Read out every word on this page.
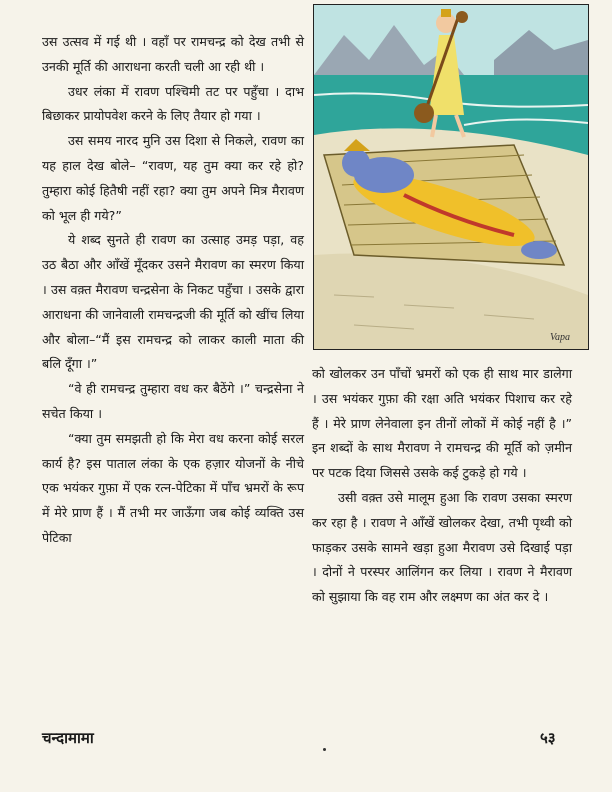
उस उत्सव में गई थी । वहाँ पर रामचन्द्र को देख तभी से उनकी मूर्ति की आराधना करती चली आ रही थी ।

उधर लंका में रावण पश्चिमी तट पर पहुँचा । दाभ बिछाकर प्रायोपवेश करने के लिए तैयार हो गया ।

उस समय नारद मुनि उस दिशा से निकले, रावण का यह हाल देख बोले– “रावण, यह तुम क्या कर रहे हो? तुम्हारा कोई हितैषी नहीं रहा? क्या तुम अपने मित्र मैरावण को भूल ही गये?”

ये शब्द सुनते ही रावण का उत्साह उमड़ पड़ा, वह उठ बैठा और आँखें मूँदकर उसने मैरावण का स्मरण किया । उस वक़्त मैरावण चन्द्रसेना के निकट पहुँचा । उसके द्वारा आराधना की जानेवाली रामचन्द्रजी की मूर्ति को खींच लिया और बोला–“मैं इस रामचन्द्र को लाकर काली माता की बलि दूँगा ।”

“वे ही रामचन्द्र तुम्हारा वध कर बैठेंगे ।” चन्द्रसेना ने सचेत किया ।

“क्या तुम समझती हो कि मेरा वध करना कोई सरल कार्य है? इस पाताल लंका के एक हज़ार योजनों के नीचे एक भयंकर गुफ़ा में एक रत्न-पेटिका में पाँच भ्रमरों के रूप में मेरे प्राण हैं । मैं तभी मर जाऊँगा जब कोई व्यक्ति उस पेटिका

Vapa

को खोलकर उन पाँचों भ्रमरों को एक ही साथ मार डालेगा । उस भयंकर गुफ़ा की रक्षा अति भयंकर पिशाच कर रहे हैं । मेरे प्राण लेनेवाला इन तीनों लोकों में कोई नहीं है ।” इन शब्दों के साथ मैरावण ने रामचन्द्र की मूर्ति को ज़मीन पर पटक दिया जिससे उसके कई टुकड़े हो गये ।

उसी वक़्त उसे मालूम हुआ कि रावण उसका स्मरण कर रहा है । रावण ने आँखें खोलकर देखा, तभी पृथ्वी को फाड़कर उसके सामने खड़ा हुआ मैरावण उसे दिखाई पड़ा । दोनों ने परस्पर आलिंगन कर लिया । रावण ने मैरावण को सुझाया कि वह राम और लक्ष्मण का अंत कर दे ।

चन्दामामा	५३
